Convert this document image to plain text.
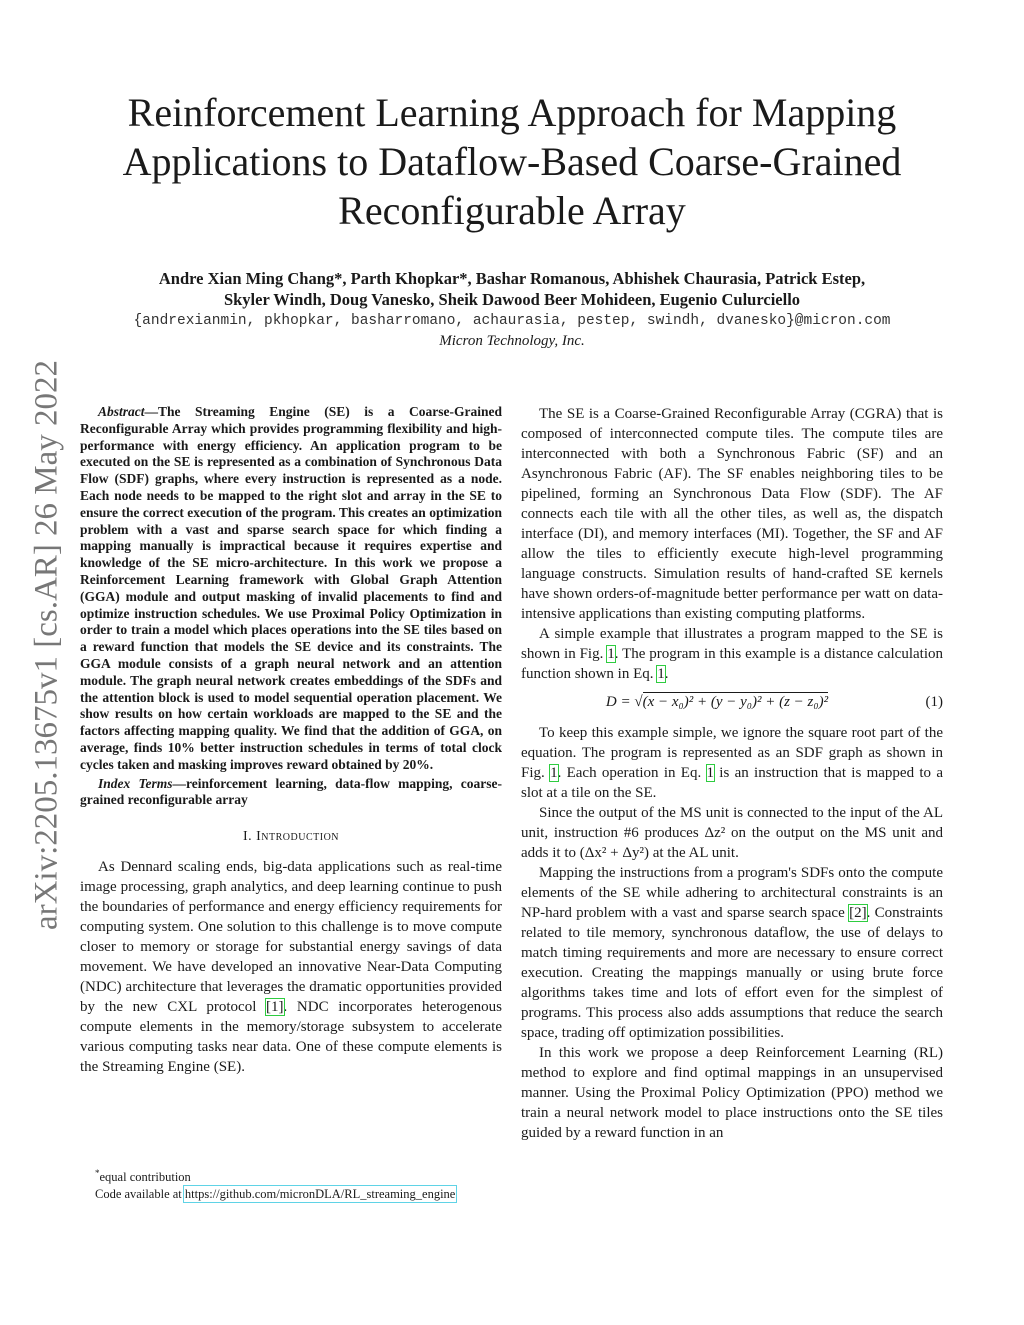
arXiv:2205.13675v1 [cs.AR] 26 May 2022
Reinforcement Learning Approach for Mapping
Applications to Dataflow-Based Coarse-Grained
Reconfigurable Array
Andre Xian Ming Chang*, Parth Khopkar*, Bashar Romanous, Abhishek Chaurasia, Patrick Estep,
Skyler Windh, Doug Vanesko, Sheik Dawood Beer Mohideen, Eugenio Culurciello
{andrexianmin, pkhopkar, basharromano, achaurasia, pestep, swindh, dvanesko}@micron.com
Micron Technology, Inc.

Abstract—The Streaming Engine (SE) is a Coarse-Grained Reconfigurable Array which provides programming flexibility and high-performance with energy efficiency. An application program to be executed on the SE is represented as a combination of Synchronous Data Flow (SDF) graphs, where every instruction is represented as a node. Each node needs to be mapped to the right slot and array in the SE to ensure the correct execution of the program. This creates an optimization problem with a vast and sparse search space for which finding a mapping manually is impractical because it requires expertise and knowledge of the SE micro-architecture. In this work we propose a Reinforcement Learning framework with Global Graph Attention (GGA) module and output masking of invalid placements to find and optimize instruction schedules. We use Proximal Policy Optimization in order to train a model which places operations into the SE tiles based on a reward function that models the SE device and its constraints. The GGA module consists of a graph neural network and an attention module. The graph neural network creates embeddings of the SDFs and the attention block is used to model sequential operation placement. We show results on how certain workloads are mapped to the SE and the factors affecting mapping quality. We find that the addition of GGA, on average, finds 10% better instruction schedules in terms of total clock cycles taken and masking improves reward obtained by 20%.

Index Terms—reinforcement learning, data-flow mapping, coarse-grained reconfigurable array

I. Introduction

As Dennard scaling ends, big-data applications such as real-time image processing, graph analytics, and deep learning continue to push the boundaries of performance and energy efficiency requirements for computing system. One solution to this challenge is to move compute closer to memory or storage for substantial energy savings of data movement. We have developed an innovative Near-Data Computing (NDC) architecture that leverages the dramatic opportunities provided by the new CXL protocol [1]. NDC incorporates heterogenous compute elements in the memory/storage subsystem to accelerate various computing tasks near data. One of these compute elements is the Streaming Engine (SE).

*equal contribution
Code available at https://github.com/micronDLA/RL_streaming_engine

The SE is a Coarse-Grained Reconfigurable Array (CGRA) that is composed of interconnected compute tiles. The compute tiles are interconnected with both a Synchronous Fabric (SF) and an Asynchronous Fabric (AF). The SF enables neighboring tiles to be pipelined, forming an Synchronous Data Flow (SDF). The AF connects each tile with all the other tiles, as well as, the dispatch interface (DI), and memory interfaces (MI). Together, the SF and AF allow the tiles to efficiently execute high-level programming language constructs. Simulation results of hand-crafted SE kernels have shown orders-of-magnitude better performance per watt on data-intensive applications than existing computing platforms.

A simple example that illustrates a program mapped to the SE is shown in Fig. 1. The program in this example is a distance calculation function shown in Eq. 1.

D = √(x − x₀)² + (y − y₀)² + (z − z₀)²	(1)

To keep this example simple, we ignore the square root part of the equation. The program is represented as an SDF graph as shown in Fig. 1. Each operation in Eq. 1 is an instruction that is mapped to a slot at a tile on the SE.

Since the output of the MS unit is connected to the input of the AL unit, instruction #6 produces Δz² on the output on the MS unit and adds it to (Δx² + Δy²) at the AL unit.

Mapping the instructions from a program's SDFs onto the compute elements of the SE while adhering to architectural constraints is an NP-hard problem with a vast and sparse search space [2]. Constraints related to tile memory, synchronous dataflow, the use of delays to match timing requirements and more are necessary to ensure correct execution. Creating the mappings manually or using brute force algorithms takes time and lots of effort even for the simplest of programs. This process also adds assumptions that reduce the search space, trading off optimization possibilities.

In this work we propose a deep Reinforcement Learning (RL) method to explore and find optimal mappings in an unsupervised manner. Using the Proximal Policy Optimization (PPO) method we train a neural network model to place instructions onto the SE tiles guided by a reward function in an
